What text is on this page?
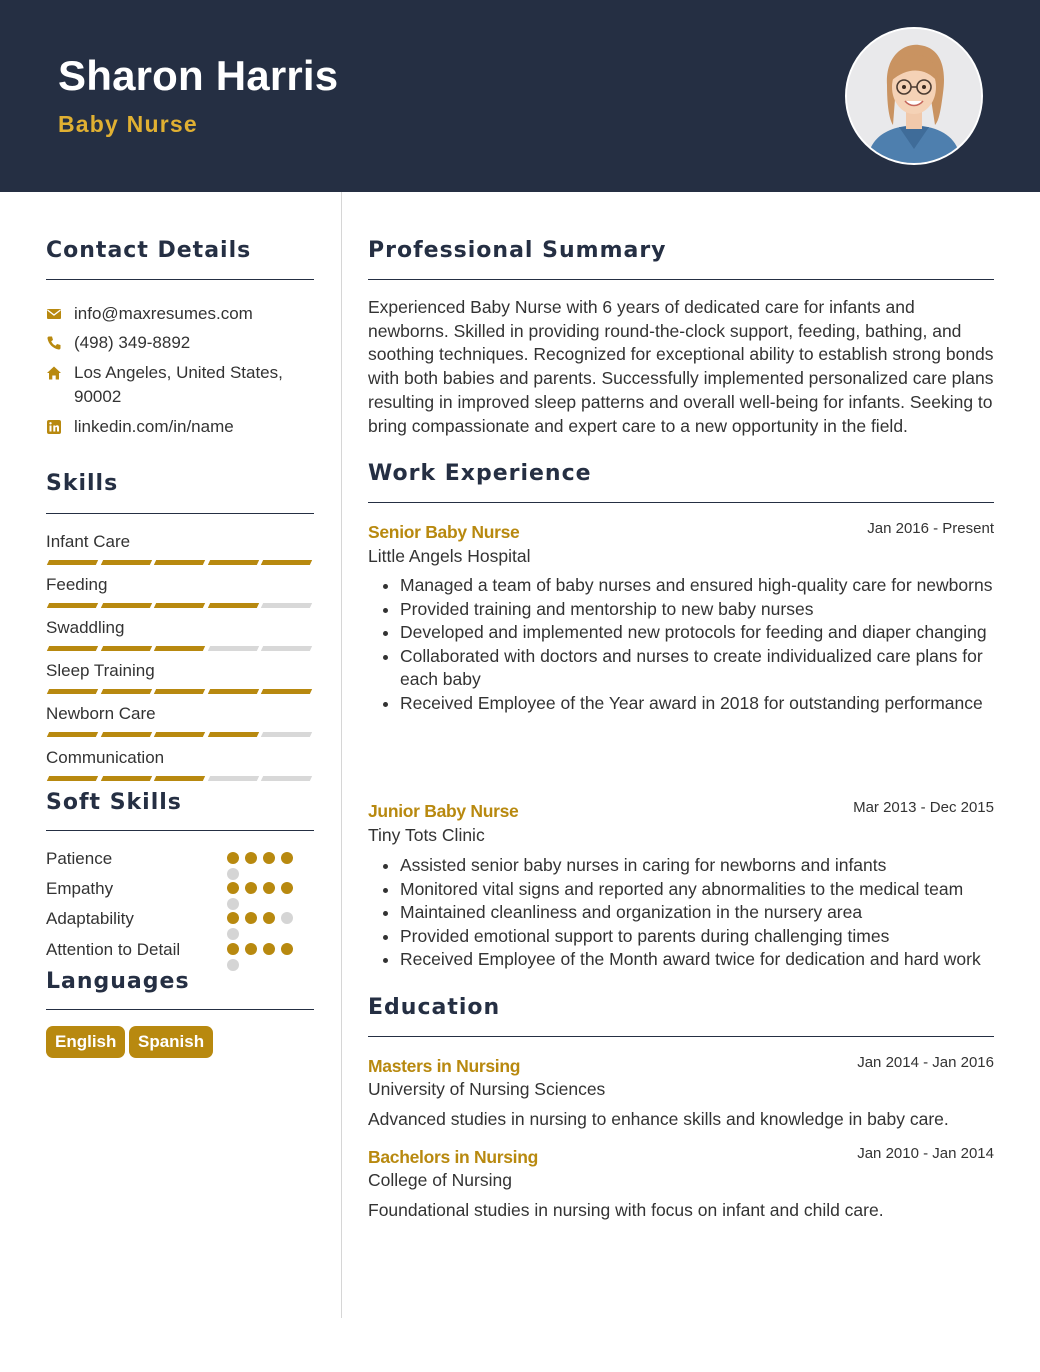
Sharon Harris
Baby Nurse
Contact Details
info@maxresumes.com
(498) 349-8892
Los Angeles, United States, 90002
linkedin.com/in/name
Skills
Infant Care
Feeding
Swaddling
Sleep Training
Newborn Care
Communication
Soft Skills
Patience
Empathy
Adaptability
Attention to Detail
Languages
English	Spanish
Professional Summary

Experienced Baby Nurse with 6 years of dedicated care for infants and newborns. Skilled in providing round-the-clock support, feeding, bathing, and soothing techniques. Recognized for exceptional ability to establish strong bonds with both babies and parents. Successfully implemented personalized care plans resulting in improved sleep patterns and overall well-being for infants. Seeking to bring compassionate and expert care to a new opportunity in the field.

Work Experience
Senior Baby Nurse	Jan 2016 - Present
Little Angels Hospital
• Managed a team of baby nurses and ensured high-quality care for newborns
• Provided training and mentorship to new baby nurses
• Developed and implemented new protocols for feeding and diaper changing
• Collaborated with doctors and nurses to create individualized care plans for each baby
• Received Employee of the Year award in 2018 for outstanding performance
Junior Baby Nurse	Mar 2013 - Dec 2015
Tiny Tots Clinic
• Assisted senior baby nurses in caring for newborns and infants
• Monitored vital signs and reported any abnormalities to the medical team
• Maintained cleanliness and organization in the nursery area
• Provided emotional support to parents during challenging times
• Received Employee of the Month award twice for dedication and hard work
Education
Masters in Nursing	Jan 2014 - Jan 2016
University of Nursing Sciences
Advanced studies in nursing to enhance skills and knowledge in baby care.
Bachelors in Nursing	Jan 2010 - Jan 2014
College of Nursing
Foundational studies in nursing with focus on infant and child care.
